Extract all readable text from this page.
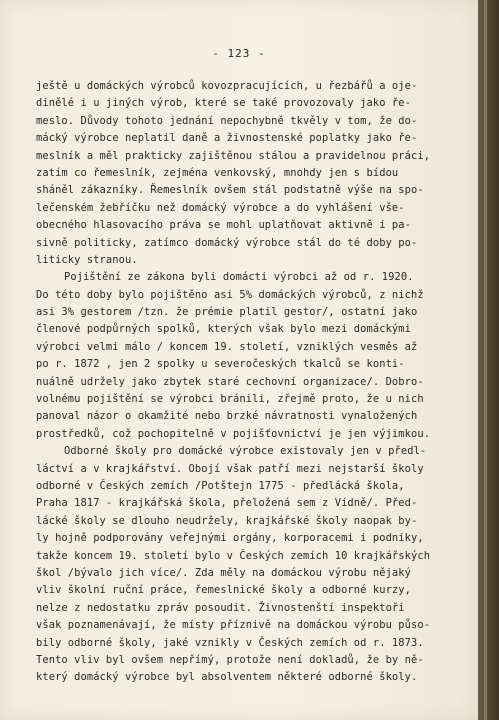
- 123 -
ještě u domáckých výrobců kovozpracujících, u řezbářů a oje-
dinělé i u jiných výrob, které se také provozovaly jako ře-
meslo. Důvody tohoto jednání nepochybně tkvěly v tom, že do-
mácký výrobce neplatil daně a živnostenské poplatky jako ře-
meslník a měl prakticky zajištěnou stálou a pravidelnou práci,
zatím co řemeslník, zejména venkovský, mnohdy jen s bídou
sháněl zákazníky. Řemeslník ovšem stál podstatně výše na spo-
lečenském žebříčku než domácký výrobce a do vyhlášení vše-
obecného hlasovacího práva se mohl uplatňovat aktivně i pa-
sivně politicky, zatímco domácký výrobce stál do té doby po-
liticky stranou.
Pojištění ze zákona byli domácti výrobci až od r. 1920.
Do této doby bylo pojištěno asi 5% domáckých výrobců, z nichž
asi 3% gestorem /tzn. že prémie platil gestor/, ostatní jako
členové podpůrných spolků, kterých však bylo mezi domáckými
výrobci velmi málo / koncem 19. století, vzniklých vesměs až
po r. 1872 , jen 2 spolky u severočeských tkalců se konti-
nuálně udržely jako zbytek staré cechovní organizace/. Dobro-
volnému pojištění se výrobci bránili, zřejmě proto, že u nich
panoval názor o okamžité nebo brzké návratnosti vynaložených
prostředků, což pochopitelně v pojišťovnictví je jen výjimkou.
Odborné školy pro domácké výrobce existovaly jen v předl-
láctví a v krajkářství. Obojí však patří mezi nejstarší školy
odborné v Českých zemích /Potštejn 1775 - předlácká škola,
Praha 1817 - krajkářská škola, přeložená sem z Vídně/. Před-
lácké školy se dlouho neudržely, krajkářské školy naopak by-
ly hojně podporovány veřejnými orgány, korporacemi i podniky,
takže koncem 19. století bylo v Českých zemích 10 krajkářských
škol /bývalo jich více/. Zda měly na domáckou výrobu nějaký
vliv školní ruční práce, řemeslnické školy a odborné kurzy,
nelze z nedostatku zpráv posoudit. Živnostenští inspektoři
však poznamenávají, že místy příznivě na domáckou výrobu půso-
bily odborné školy, jaké vznikly v Českých zemích od r. 1873.
Tento vliv byl ovšem nepřímý, protože není dokladů, že by ně-
který domácký výrobce byl absolventem některé odborné školy.
